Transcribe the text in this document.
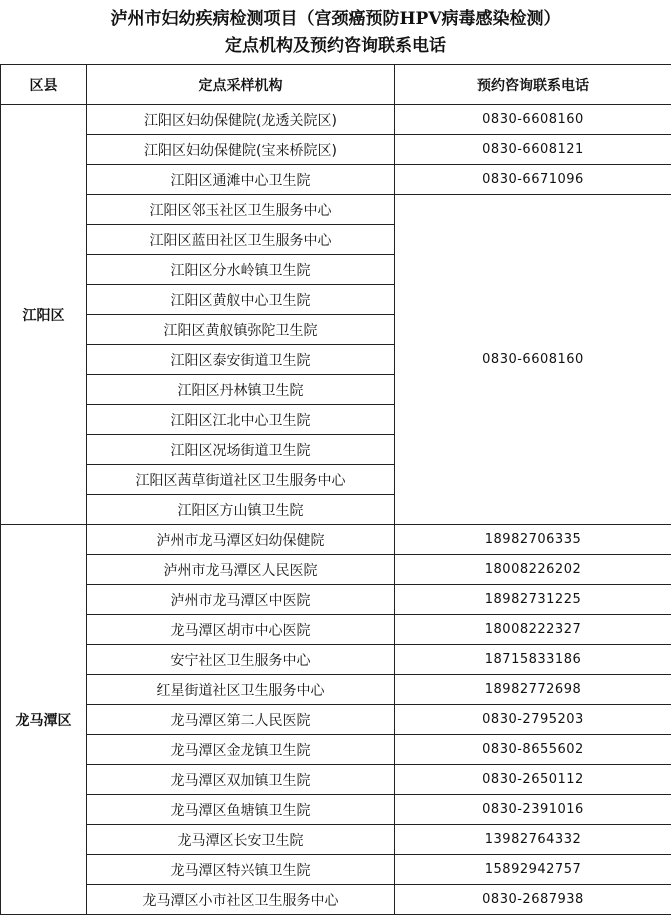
泸州市妇幼疾病检测项目（宫颈癌预防HPV病毒感染检测）
定点机构及预约咨询联系电话
区县	定点采样机构	预约咨询联系电话
江阳区	江阳区妇幼保健院(龙透关院区)	0830-6608160
	江阳区妇幼保健院(宝来桥院区)	0830-6608121
	江阳区通滩中心卫生院	0830-6671096
	江阳区邻玉社区卫生服务中心	0830-6608160
	江阳区蓝田社区卫生服务中心	
	江阳区分水岭镇卫生院	
	江阳区黄舣中心卫生院	
	江阳区黄舣镇弥陀卫生院	
	江阳区泰安街道卫生院	
	江阳区丹林镇卫生院	
	江阳区江北中心卫生院	
	江阳区况场街道卫生院	
	江阳区茜草街道社区卫生服务中心	
	江阳区方山镇卫生院	
龙马潭区	泸州市龙马潭区妇幼保健院	18982706335
	泸州市龙马潭区人民医院	18008226202
	泸州市龙马潭区中医院	18982731225
	龙马潭区胡市中心医院	18008222327
	安宁社区卫生服务中心	18715833186
	红星街道社区卫生服务中心	18982772698
	龙马潭区第二人民医院	0830-2795203
	龙马潭区金龙镇卫生院	0830-8655602
	龙马潭区双加镇卫生院	0830-2650112
	龙马潭区鱼塘镇卫生院	0830-2391016
	龙马潭区长安卫生院	13982764332
	龙马潭区特兴镇卫生院	15892942757
	龙马潭区小市社区卫生服务中心	0830-2687938
